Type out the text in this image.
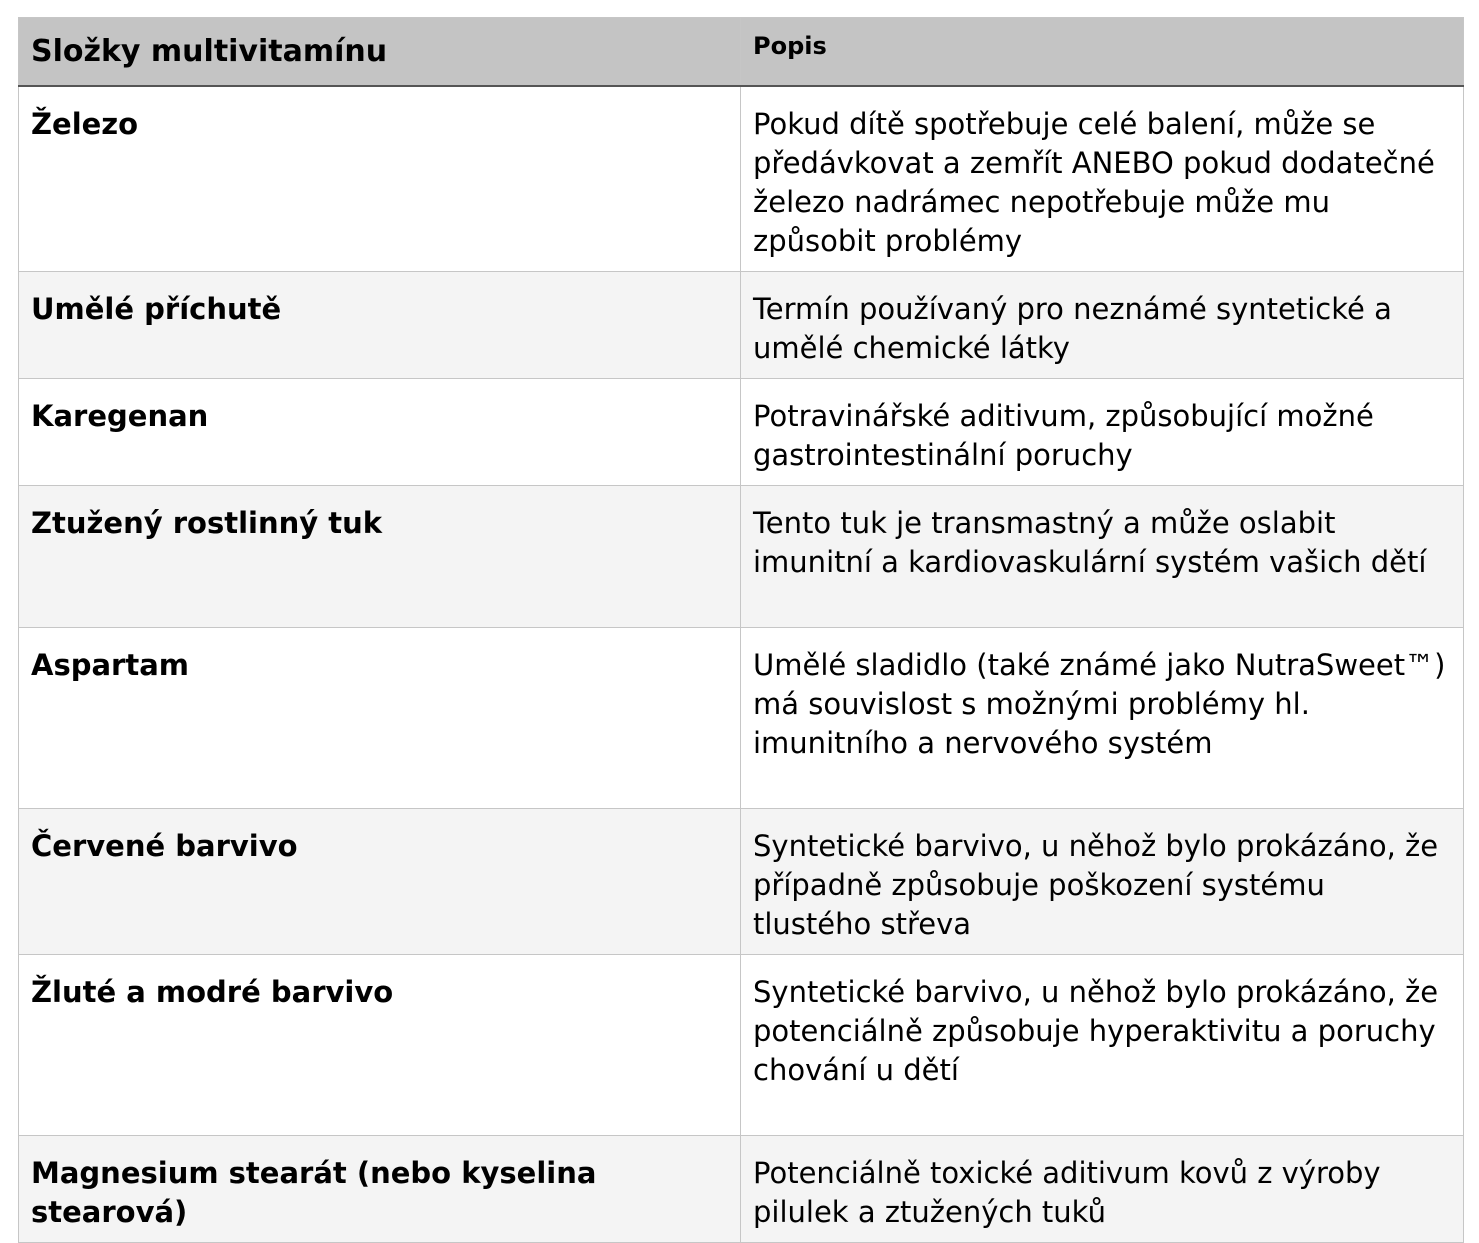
Složky multivitamínu	Popis
Železo	Pokud dítě spotřebuje celé balení, může se předávkovat a zemřít ANEBO pokud dodatečné železo nadrámec nepotřebuje může mu způsobit problémy
Umělé příchutě	Termín používaný pro neznámé syntetické a umělé chemické látky
Karegenan	Potravinářské aditivum, způsobující možné gastrointestinální poruchy
Ztužený rostlinný tuk	Tento tuk je transmastný a může oslabit imunitní a kardiovaskulární systém vašich dětí
Aspartam	Umělé sladidlo (také známé jako NutraSweet™) má souvislost s možnými problémy hl. imunitního a nervového systém
Červené barvivo	Syntetické barvivo, u něhož bylo prokázáno, že případně způsobuje poškození systému tlustého střeva
Žluté a modré barvivo	Syntetické barvivo, u něhož bylo prokázáno, že potenciálně způsobuje hyperaktivitu a poruchy chování u dětí
Magnesium stearát (nebo kyselina stearová)	Potenciálně toxické aditivum kovů z výroby pilulek a ztužených tuků
